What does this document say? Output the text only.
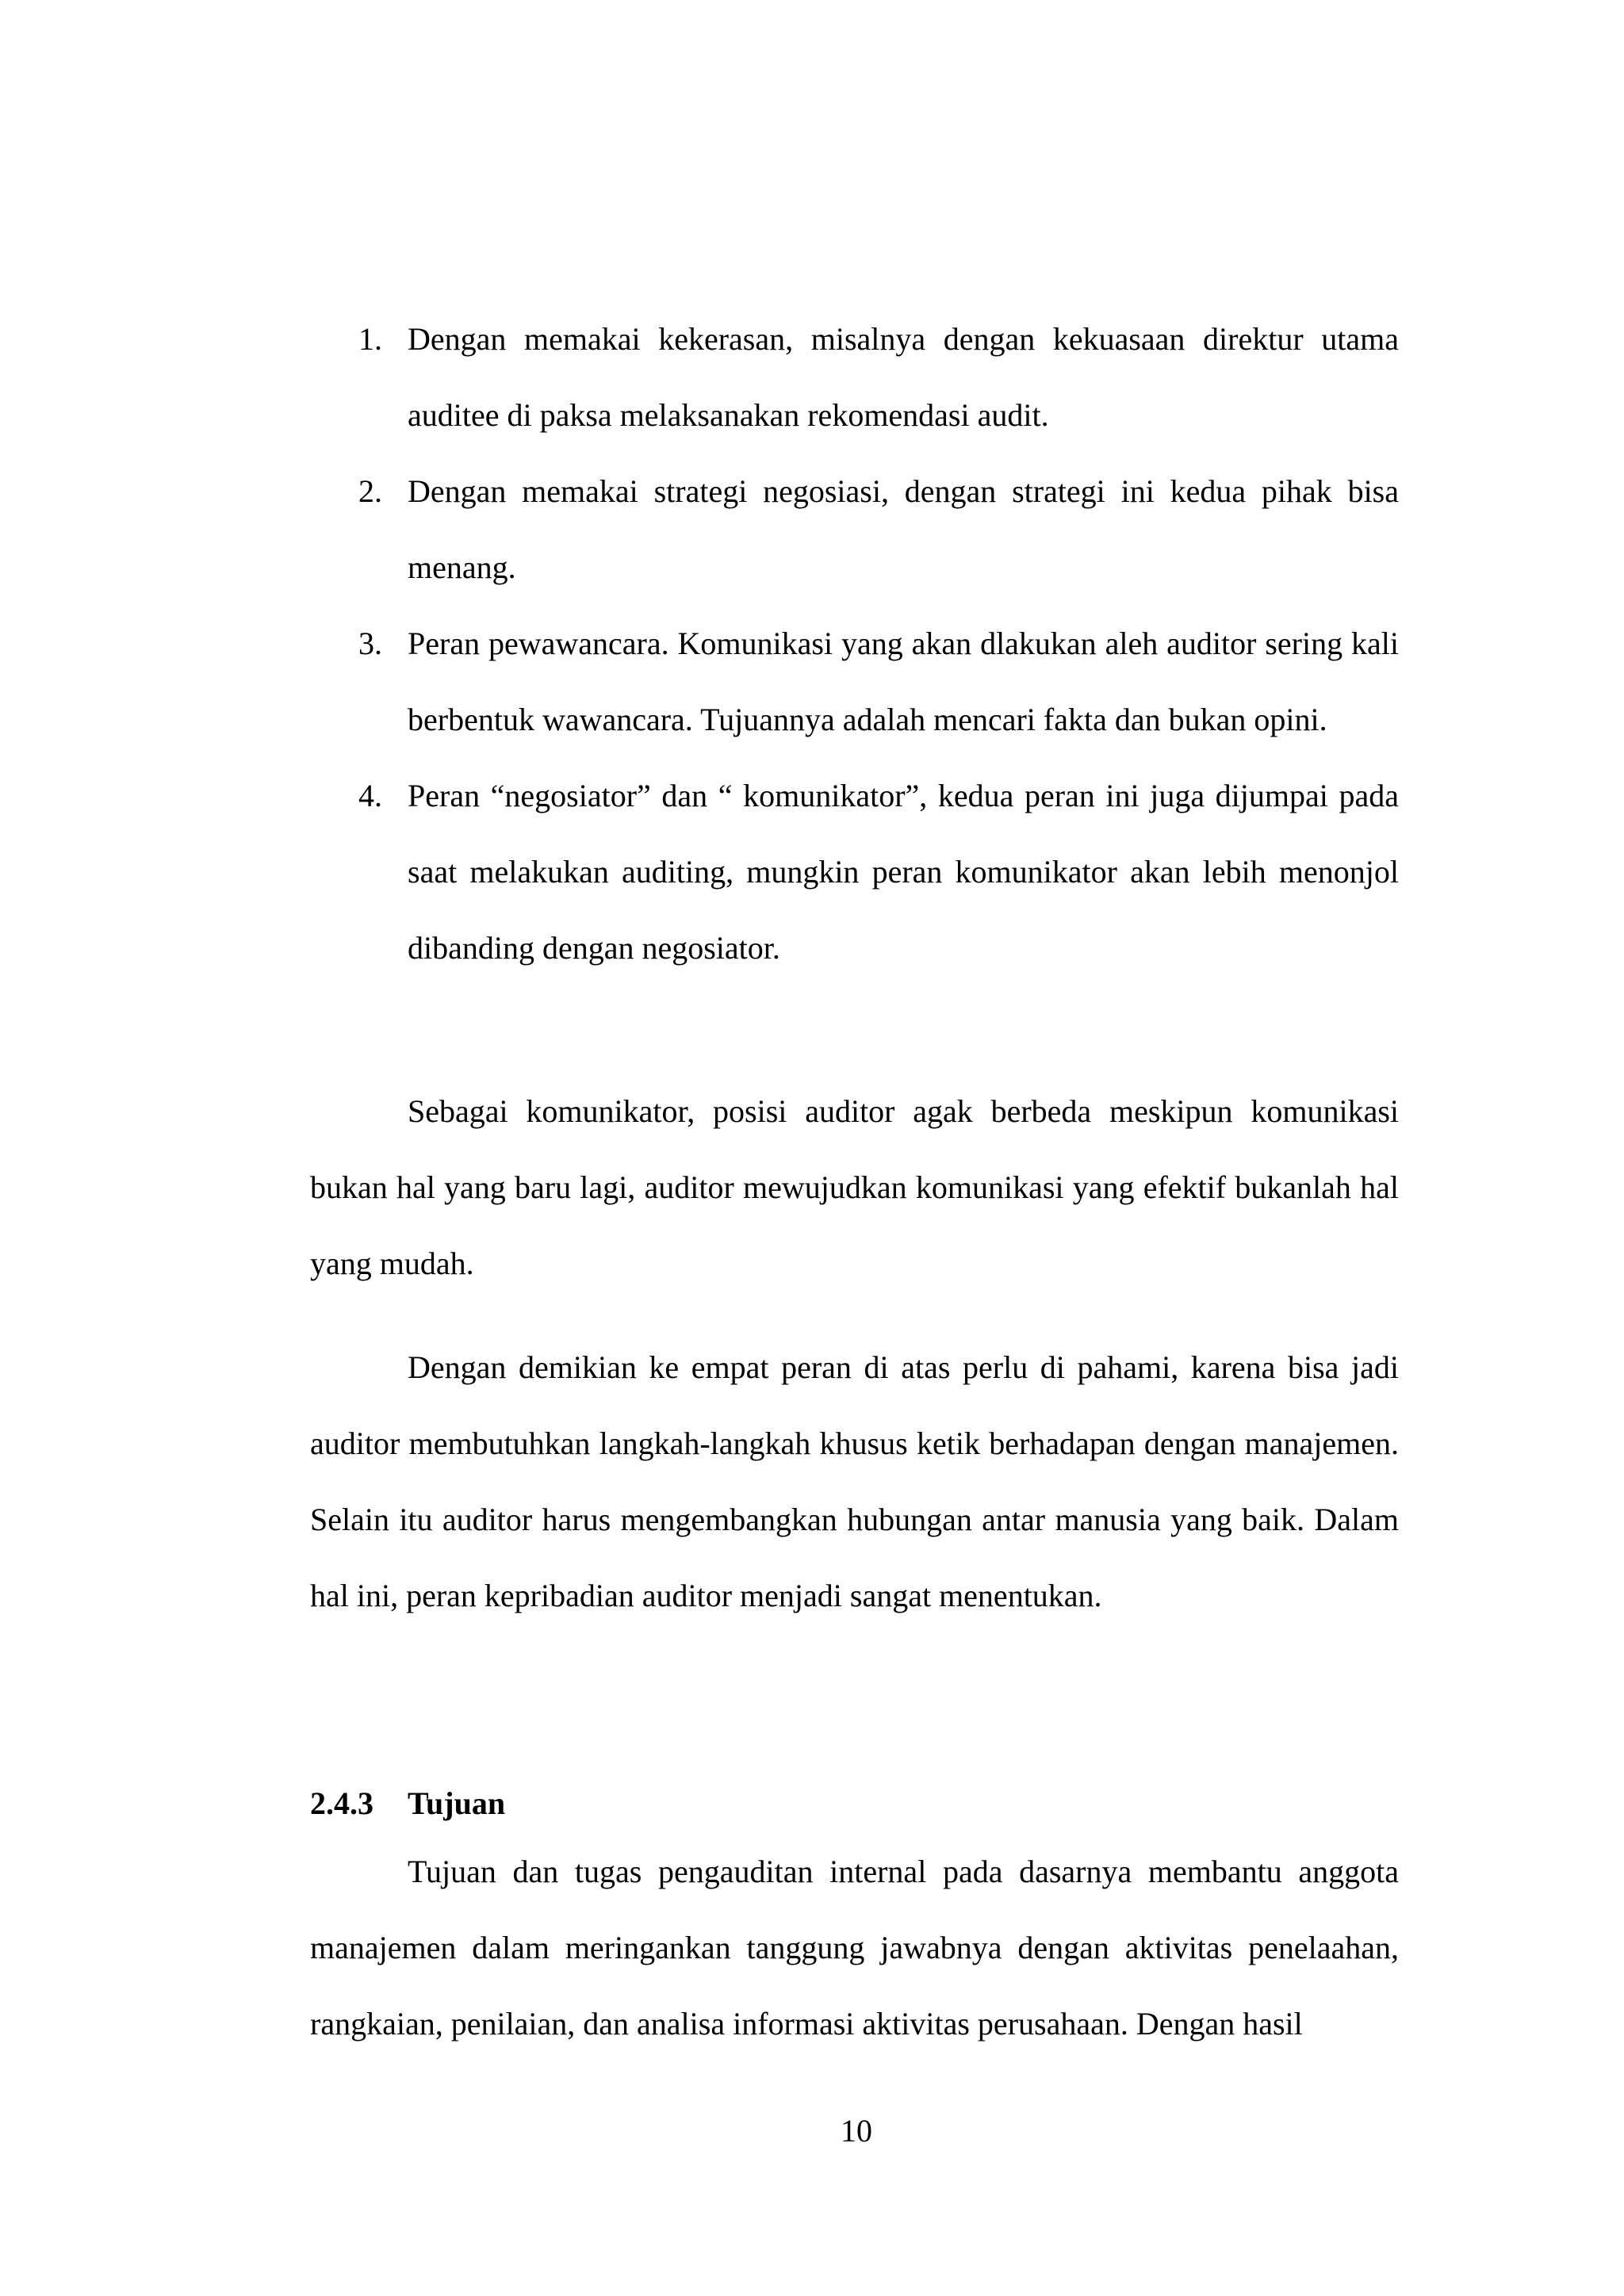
1. Dengan memakai kekerasan, misalnya dengan kekuasaan direktur utama auditee di paksa melaksanakan rekomendasi audit.
2. Dengan memakai strategi negosiasi, dengan strategi ini kedua pihak bisa menang.
3. Peran pewawancara. Komunikasi yang akan dlakukan aleh auditor sering kali berbentuk wawancara. Tujuannya adalah mencari fakta dan bukan opini.
4. Peran “negosiator” dan “ komunikator”, kedua peran ini juga dijumpai pada saat melakukan auditing, mungkin peran komunikator akan lebih menonjol dibanding dengan negosiator.

Sebagai komunikator, posisi auditor agak berbeda meskipun komunikasi bukan hal yang baru lagi, auditor mewujudkan komunikasi yang efektif bukanlah hal yang mudah.

Dengan demikian ke empat peran di atas perlu di pahami, karena bisa jadi auditor membutuhkan langkah-langkah khusus ketik berhadapan dengan manajemen. Selain itu auditor harus mengembangkan hubungan antar manusia yang baik. Dalam hal ini, peran kepribadian auditor menjadi sangat menentukan.

2.4.3 Tujuan

Tujuan dan tugas pengauditan internal pada dasarnya membantu anggota manajemen dalam meringankan tanggung jawabnya dengan aktivitas penelaahan, rangkaian, penilaian, dan analisa informasi aktivitas perusahaan. Dengan hasil

10
